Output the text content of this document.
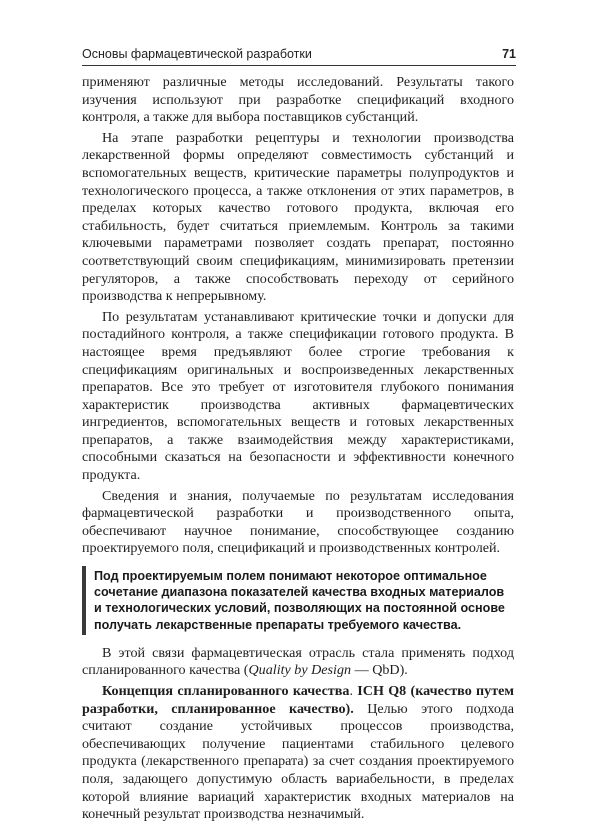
Основы фармацевтической разработки	71

применяют различные методы исследований. Результаты такого изучения используют при разработке спецификаций входного контроля, а также для выбора поставщиков субстанций.

На этапе разработки рецептуры и технологии производства лекарственной формы определяют совместимость субстанций и вспомогательных веществ, критические параметры полупродуктов и технологического процесса, а также отклонения от этих параметров, в пределах которых качество готового продукта, включая его стабильность, будет считаться приемлемым. Контроль за такими ключевыми параметрами позволяет создать препарат, постоянно соответствующий своим спецификациям, минимизировать претензии регуляторов, а также способствовать переходу от серийного производства к непрерывному.

По результатам устанавливают критические точки и допуски для постадийного контроля, а также спецификации готового продукта. В настоящее время предъявляют более строгие требования к спецификациям оригинальных и воспроизведенных лекарственных препаратов. Все это требует от изготовителя глубокого понимания характеристик производства активных фармацевтических ингредиентов, вспомогательных веществ и готовых лекарственных препаратов, а также взаимодействия между характеристиками, способными сказаться на безопасности и эффективности конечного продукта.

Сведения и знания, получаемые по результатам исследования фармацевтической разработки и производственного опыта, обеспечивают научное понимание, способствующее созданию проектируемого поля, спецификаций и производственных контролей.

Под проектируемым полем понимают некоторое оптимальное сочетание диапазона показателей качества входных материалов и технологических условий, позволяющих на постоянной основе получать лекарственные препараты требуемого качества.

В этой связи фармацевтическая отрасль стала применять подход спланированного качества (Quality by Design — QbD).

Концепция спланированного качества. ICH Q8 (качество путем разработки, спланированное качество). Целью этого подхода считают создание устойчивых процессов производства, обеспечивающих получение пациентами стабильного целевого продукта (лекарственного препарата) за счет создания проектируемого поля, задающего допустимую область вариабельности, в пределах которой влияние вариаций характеристик входных материалов на конечный результат производства незначимый.
